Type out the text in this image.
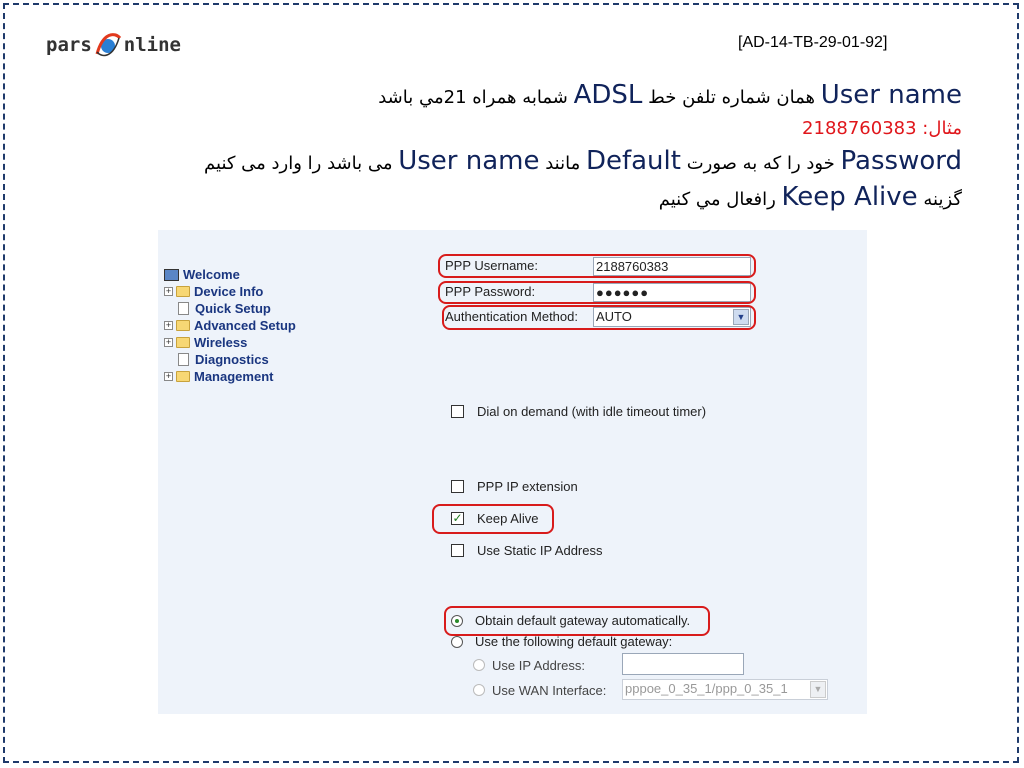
pars nline	[AD-14-TB-29-01-92]
User name همان شماره تلفن خط ADSL شمابه همراه 21مي باشد
مثال: 2188760383
Password خود را که به صورت Default مانند User name می باشد را وارد می کنیم
گزینه Keep Alive رافعال مي كنيم
Welcome
+ Device Info
Quick Setup
+ Advanced Setup
+ Wireless
Diagnostics
+ Management
PPP Username:	2188760383
PPP Password:	●●●●●●
Authentication Method: AUTO	▼
Dial on demand (with idle timeout timer)
PPP IP extension
✓ Keep Alive
Use Static IP Address
Obtain default gateway automatically.
Use the following default gateway:
Use IP Address:
Use WAN Interface: pppoe_0_35_1/ppp_0_35_1	▼
